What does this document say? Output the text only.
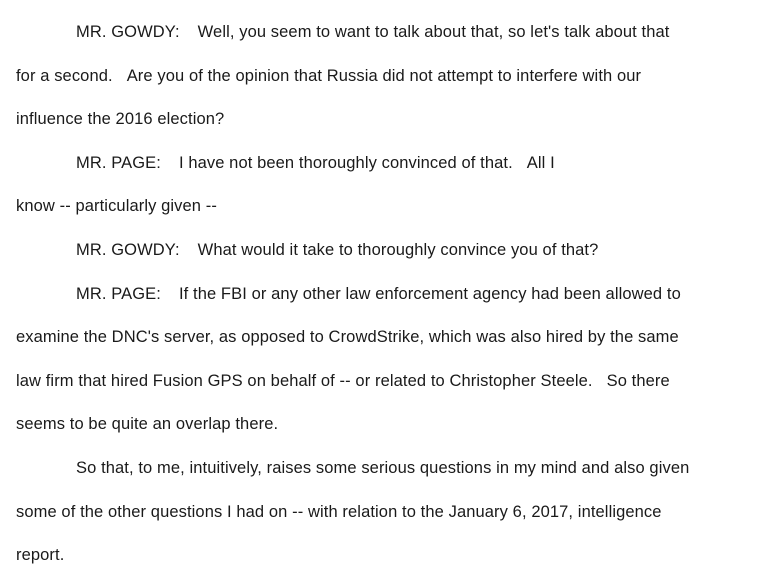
MR. GOWDY: Well, you seem to want to talk about that, so let's talk about that
for a second. Are you of the opinion that Russia did not attempt to interfere with our
influence the 2016 election?
MR. PAGE: I have not been thoroughly convinced of that. All I
know -- particularly given --
MR. GOWDY: What would it take to thoroughly convince you of that?
MR. PAGE: If the FBI or any other law enforcement agency had been allowed to
examine the DNC's server, as opposed to CrowdStrike, which was also hired by the same
law firm that hired Fusion GPS on behalf of -- or related to Christopher Steele. So there
seems to be quite an overlap there.
So that, to me, intuitively, raises some serious questions in my mind and also given
some of the other questions I had on -- with relation to the January 6, 2017, intelligence
report.
